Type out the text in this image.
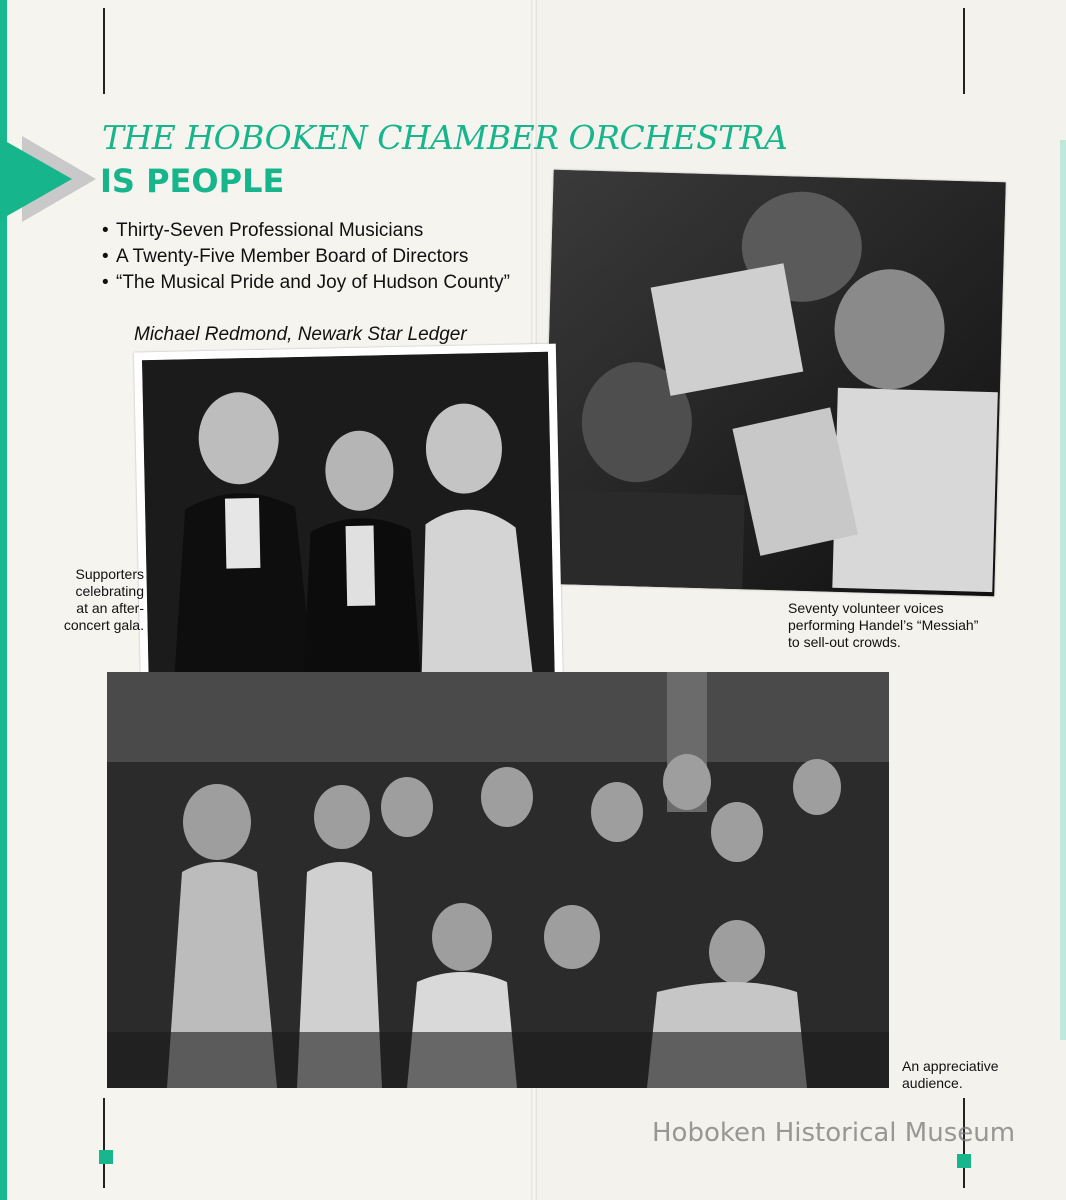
THE HOBOKEN CHAMBER ORCHESTRA
IS PEOPLE
• Thirty-Seven Professional Musicians
• A Twenty-Five Member Board of Directors
• “The Musical Pride and Joy of Hudson County”
Michael Redmond, Newark Star Ledger
Supporters
celebrating
at an after-
concert gala.
Seventy volunteer voices
performing Handel’s “Messiah”
to sell-out crowds.
An appreciative
audience.
Hoboken Historical Museum
